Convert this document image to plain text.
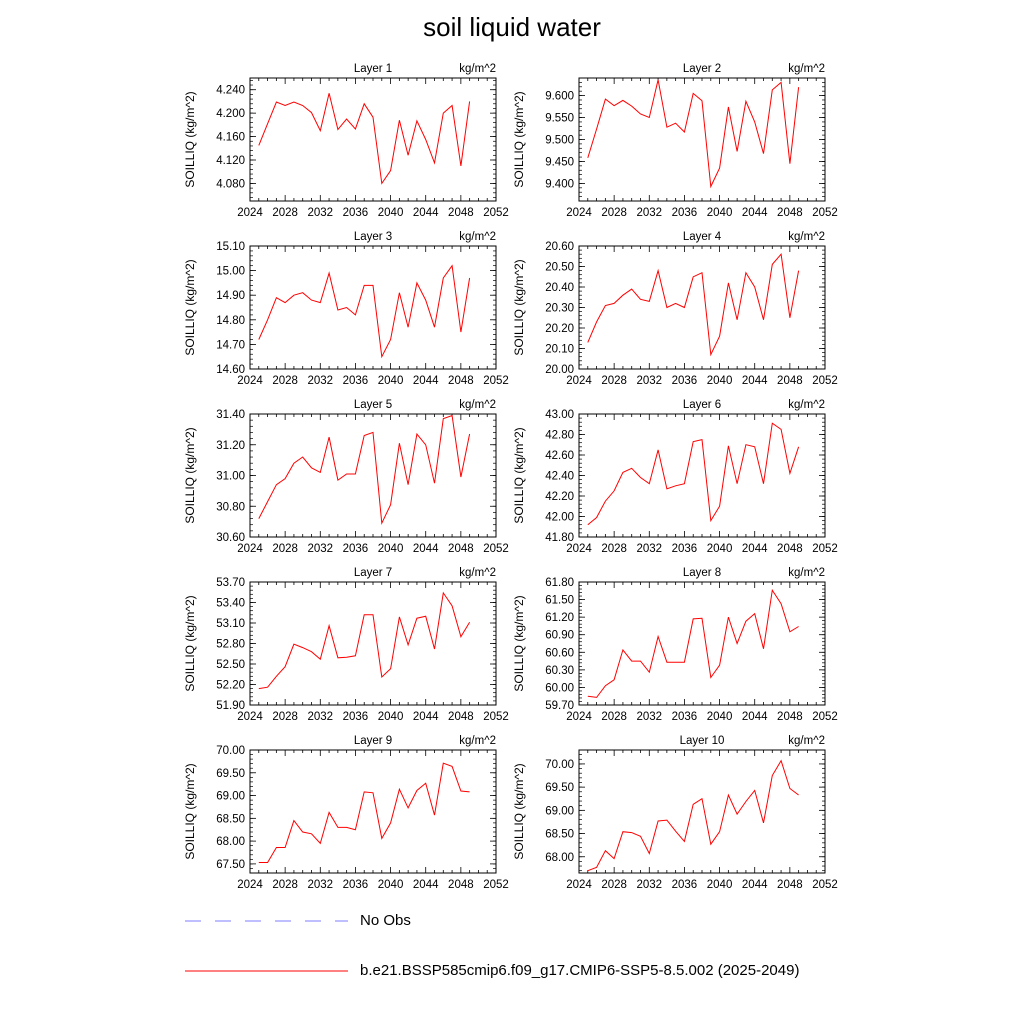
soil liquid water
2024 2028 2032 2036 2040 2044 2048 2052
4.080
4.120
4.160
4.200
4.240
Layer 1	kg/m^2
SOILLIQ (kg/m^2)
2024 2028 2032 2036 2040 2044 2048 2052
9.400
9.450
9.500
9.550
9.600
Layer 2	kg/m^2
SOILLIQ (kg/m^2)
2024 2028 2032 2036 2040 2044 2048 2052
14.60
14.70
14.80
14.90
15.00
15.10
Layer 3	kg/m^2
SOILLIQ (kg/m^2)
2024 2028 2032 2036 2040 2044 2048 2052
20.00
20.10
20.20
20.30
20.40
20.50
20.60
Layer 4	kg/m^2
SOILLIQ (kg/m^2)
2024 2028 2032 2036 2040 2044 2048 2052
30.60
30.80
31.00
31.20
31.40
Layer 5	kg/m^2
SOILLIQ (kg/m^2)
2024 2028 2032 2036 2040 2044 2048 2052
41.80
42.00
42.20
42.40
42.60
42.80
43.00
Layer 6	kg/m^2
SOILLIQ (kg/m^2)
2024 2028 2032 2036 2040 2044 2048 2052
51.90
52.20
52.50
52.80
53.10
53.40
53.70
Layer 7	kg/m^2
SOILLIQ (kg/m^2)
2024 2028 2032 2036 2040 2044 2048 2052
59.70
60.00
60.30
60.60
60.90
61.20
61.50
61.80
Layer 8	kg/m^2
SOILLIQ (kg/m^2)
2024 2028 2032 2036 2040 2044 2048 2052
67.50
68.00
68.50
69.00
69.50
70.00
Layer 9	kg/m^2
SOILLIQ (kg/m^2)
2024 2028 2032 2036 2040 2044 2048 2052
68.00
68.50
69.00
69.50
70.00
Layer 10	kg/m^2
SOILLIQ (kg/m^2)
No Obs
b.e21.BSSP585cmip6.f09_g17.CMIP6-SSP5-8.5.002 (2025-2049)
